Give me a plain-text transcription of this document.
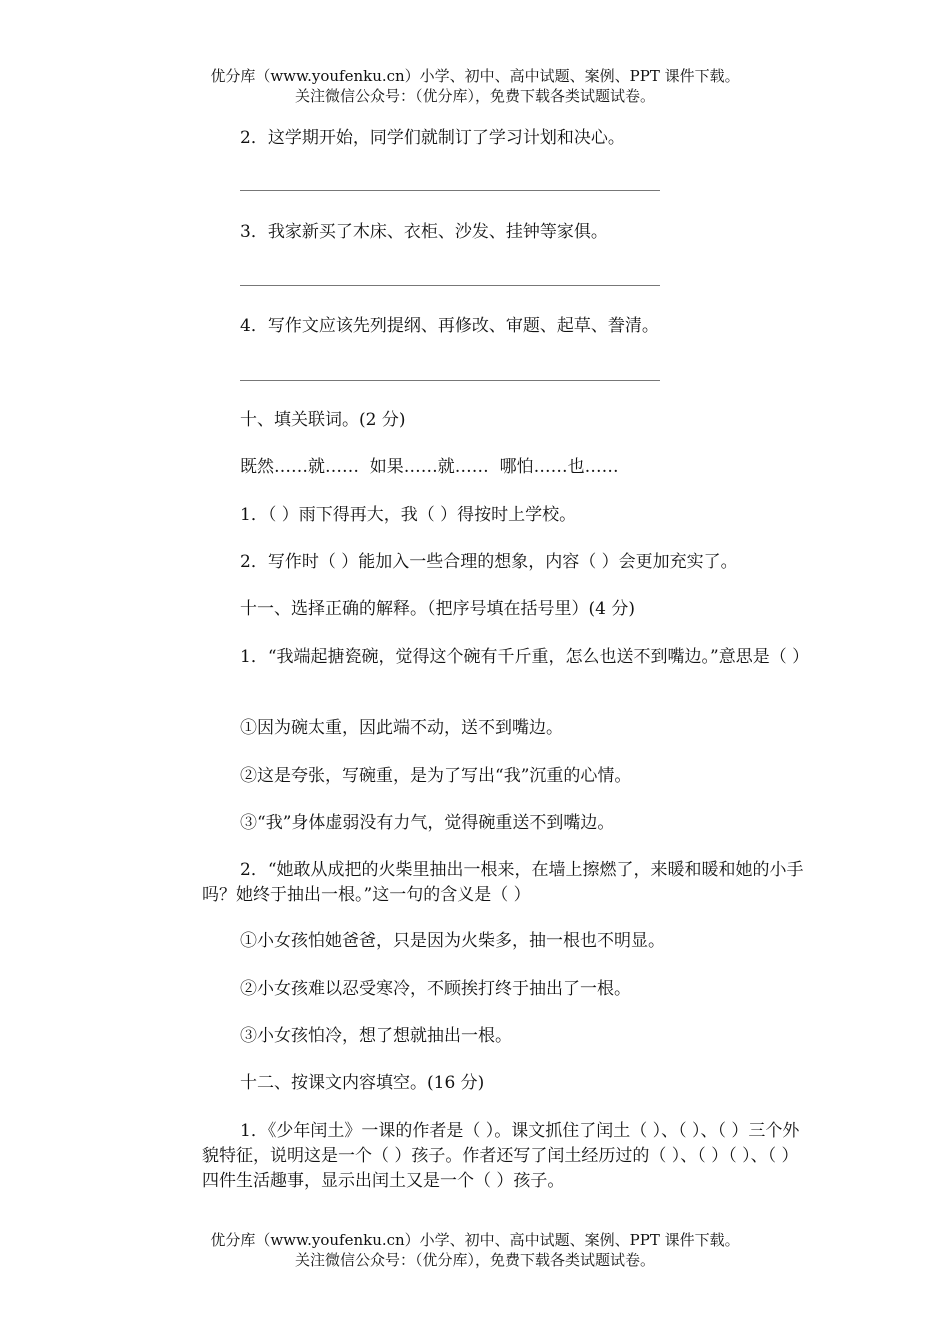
优分库（www.youfenku.cn）小学、初中、高中试题、案例、PPT 课件下载。
关注微信公众号：（优分库），免费下载各类试题试卷。
2．这学期开始，同学们就制订了学习计划和决心。
3．我家新买了木床、衣柜、沙发、挂钟等家俱。
4．写作文应该先列提纲、再修改、审题、起草、誊清。
十、填关联词。(2 分)
既然……就……  如果……就……  哪怕……也……
1．（ ）雨下得再大，我（ ）得按时上学校。
2．写作时（ ）能加入一些合理的想象，内容（ ）会更加充实了。
十一、选择正确的解释。（把序号填在括号里）(4 分)
1．“我端起搪瓷碗，觉得这个碗有千斤重，怎么也送不到嘴边。”意思是（ ）
①因为碗太重，因此端不动，送不到嘴边。
②这是夸张，写碗重，是为了写出“我”沉重的心情。
③“我”身体虚弱没有力气，觉得碗重送不到嘴边。
2．“她敢从成把的火柴里抽出一根来，在墙上擦燃了，来暖和暖和她的小手吗？她终于抽出一根。”这一句的含义是（ ）
①小女孩怕她爸爸，只是因为火柴多，抽一根也不明显。
②小女孩难以忍受寒冷，不顾挨打终于抽出了一根。
③小女孩怕冷，想了想就抽出一根。
十二、按课文内容填空。(16 分)
1．《少年闰土》一课的作者是（ ）。课文抓住了闰土（ ）、（ ）、（ ）三个外貌特征，说明这是一个（ ）孩子。作者还写了闰土经历过的（ ）、（ ）（ ）、（ ）四件生活趣事，显示出闰土又是一个（ ）孩子。
优分库（www.youfenku.cn）小学、初中、高中试题、案例、PPT 课件下载。
关注微信公众号：（优分库），免费下载各类试题试卷。
